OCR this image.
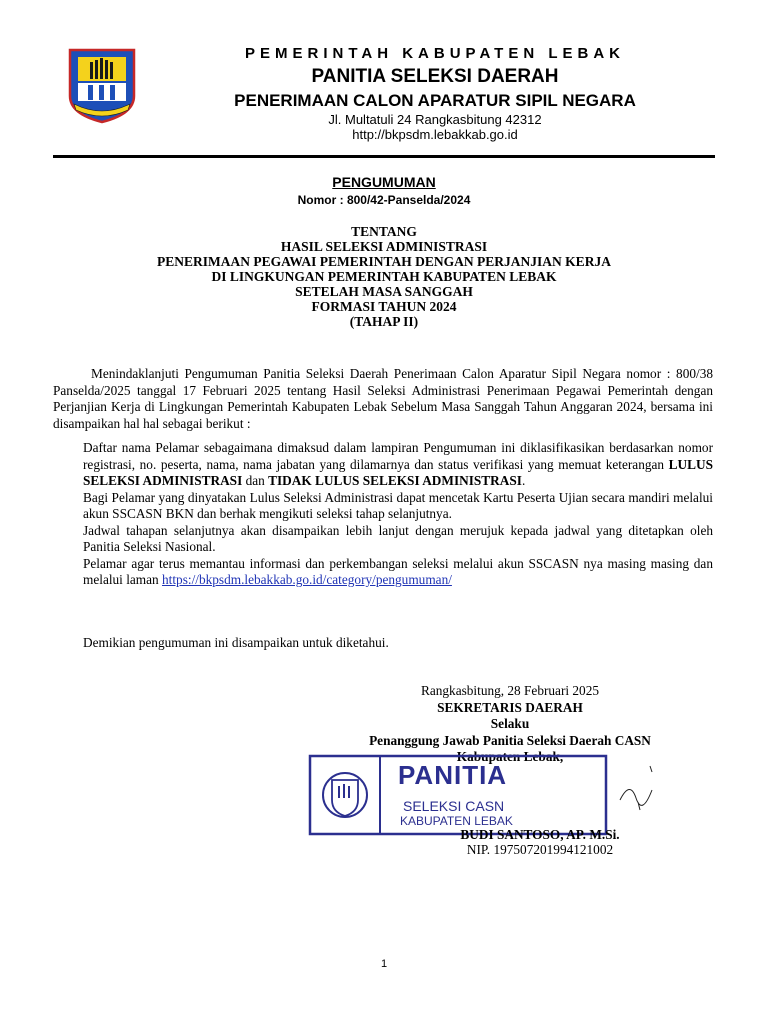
PEMERINTAH KABUPATEN LEBAK
PANITIA SELEKSI DAERAH
PENERIMAAN CALON APARATUR SIPIL NEGARA
Jl. Multatuli 24 Rangkasbitung 42312
http://bkpsdm.lebakkab.go.id
PENGUMUMAN
Nomor : 800/42-Panselda/2024
TENTANG
HASIL SELEKSI ADMINISTRASI
PENERIMAAN PEGAWAI PEMERINTAH DENGAN PERJANJIAN KERJA
DI LINGKUNGAN PEMERINTAH KABUPATEN LEBAK
SETELAH MASA SANGGAH
FORMASI TAHUN 2024
(TAHAP II)
Menindaklanjuti Pengumuman Panitia Seleksi Daerah Penerimaan Calon Aparatur Sipil Negara nomor : 800/38 Panselda/2025 tanggal 17 Februari 2025 tentang Hasil Seleksi Administrasi Penerimaan Pegawai Pemerintah dengan Perjanjian Kerja di Lingkungan Pemerintah Kabupaten Lebak Sebelum Masa Sanggah Tahun Anggaran 2024, bersama ini disampaikan hal hal sebagai berikut :

Daftar nama Pelamar sebagaimana dimaksud dalam lampiran Pengumuman ini diklasifikasikan berdasarkan nomor registrasi, no. peserta, nama, nama jabatan yang dilamarnya dan status verifikasi yang memuat keterangan LULUS SELEKSI ADMINISTRASI dan TIDAK LULUS SELEKSI ADMINISTRASI.

Bagi Pelamar yang dinyatakan Lulus Seleksi Administrasi dapat mencetak Kartu Peserta Ujian secara mandiri melalui akun SSCASN BKN dan berhak mengikuti seleksi tahap selanjutnya.

Jadwal tahapan selanjutnya akan disampaikan lebih lanjut dengan merujuk kepada jadwal yang ditetapkan oleh Panitia Seleksi Nasional.

Pelamar agar terus memantau informasi dan perkembangan seleksi melalui akun SSCASN nya masing masing dan melalui laman https://bkpsdm.lebakkab.go.id/category/pengumuman/

Demikian pengumuman ini disampaikan untuk diketahui.
Rangkasbitung, 28 Februari 2025
SEKRETARIS DAERAH
Selaku
Penanggung Jawab Panitia Seleksi Daerah CASN
Kabupaten Lebak,
PANITIA
SELEKSI CASN
KABUPATEN LEBAK
BUDI SANTOSO, AP. M.Si.
NIP. 197507201994121002
1
